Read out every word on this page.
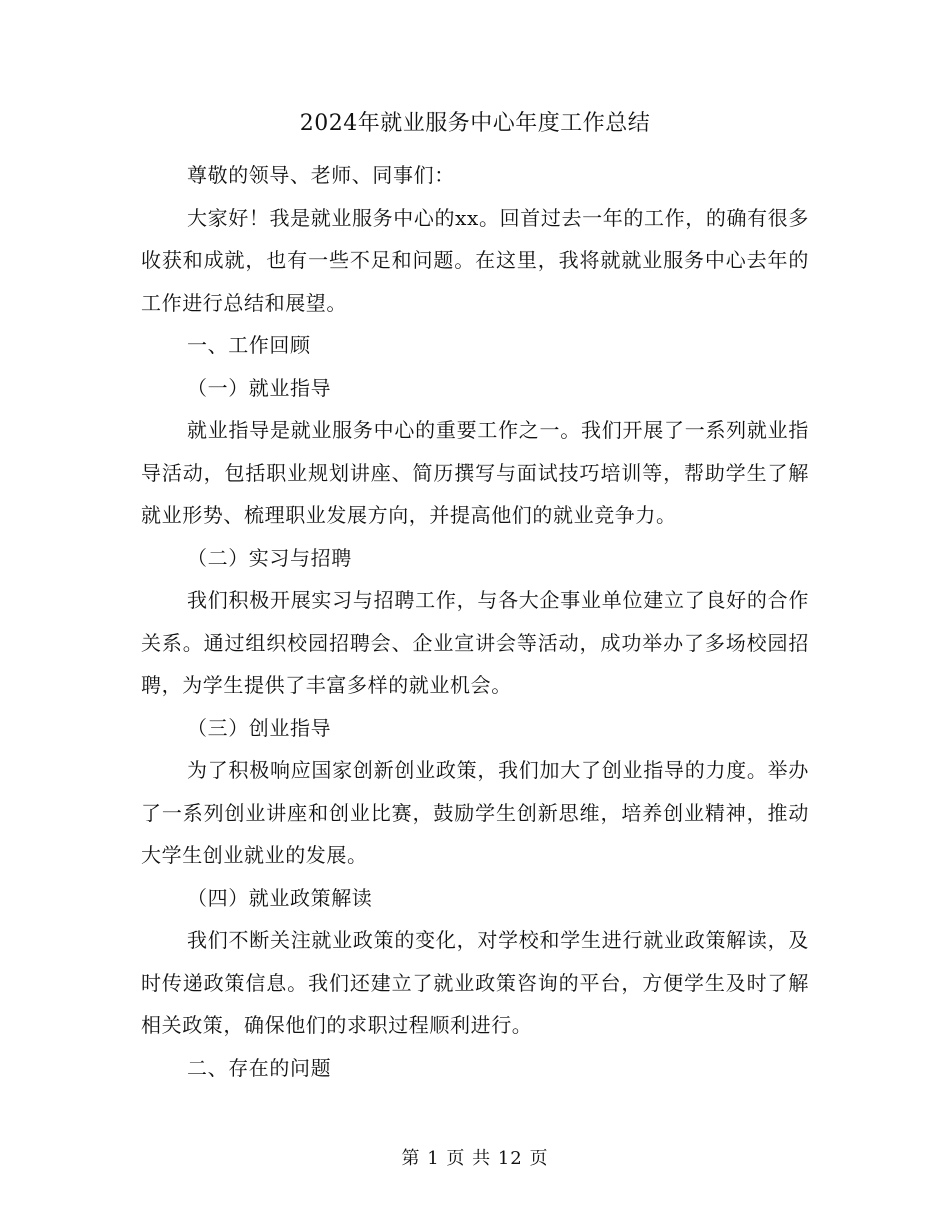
2024年就业服务中心年度工作总结

尊敬的领导、老师、同事们：

大家好！我是就业服务中心的xx。回首过去一年的工作，的确有很多收获和成就，也有一些不足和问题。在这里，我将就就业服务中心去年的工作进行总结和展望。

一、工作回顾

（一）就业指导

就业指导是就业服务中心的重要工作之一。我们开展了一系列就业指导活动，包括职业规划讲座、简历撰写与面试技巧培训等，帮助学生了解就业形势、梳理职业发展方向，并提高他们的就业竞争力。

（二）实习与招聘

我们积极开展实习与招聘工作，与各大企事业单位建立了良好的合作关系。通过组织校园招聘会、企业宣讲会等活动，成功举办了多场校园招聘，为学生提供了丰富多样的就业机会。

（三）创业指导

为了积极响应国家创新创业政策，我们加大了创业指导的力度。举办了一系列创业讲座和创业比赛，鼓励学生创新思维，培养创业精神，推动大学生创业就业的发展。

（四）就业政策解读

我们不断关注就业政策的变化，对学校和学生进行就业政策解读，及时传递政策信息。我们还建立了就业政策咨询的平台，方便学生及时了解相关政策，确保他们的求职过程顺利进行。

二、存在的问题

第 1 页 共 12 页
